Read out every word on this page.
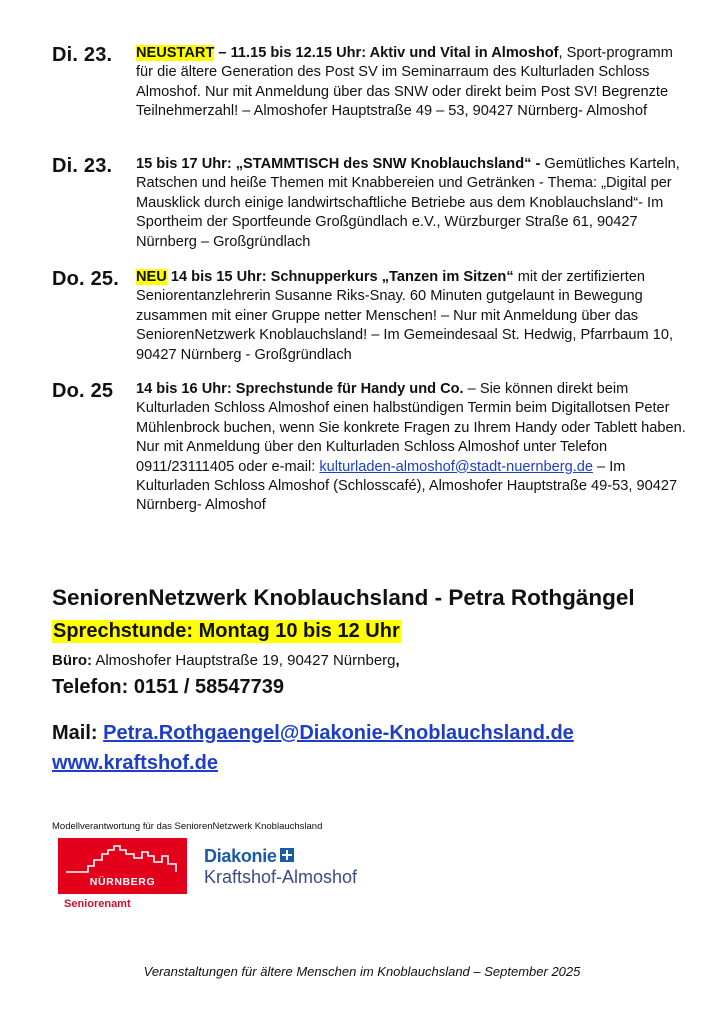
Di. 23. NEUSTART – 11.15 bis 12.15 Uhr: Aktiv und Vital in Almoshof, Sport-programm für die ältere Generation des Post SV im Seminarraum des Kulturladen Schloss Almoshof. Nur mit Anmeldung über das SNW oder direkt beim Post SV! Begrenzte Teilnehmerzahl! – Almoshofer Hauptstraße 49 – 53, 90427 Nürnberg- Almoshof
Di. 23. 15 bis 17 Uhr: „STAMMTISCH des SNW Knoblauchsland“ - Gemütliches Karteln, Ratschen und heiße Themen mit Knabbereien und Getränken - Thema: „Digital per Mausklick durch einige landwirtschaftliche Betriebe aus dem Knoblauchsland“- Im Sportheim der Sportfeunde Großgündlach e.V., Würzburger Straße 61, 90427 Nürnberg – Großgründlach
Do. 25. NEU 14 bis 15 Uhr: Schnupperkurs „Tanzen im Sitzen“ mit der zertifizierten Seniorentanzlehrerin Susanne Riks-Snay. 60 Minuten gutgelaunt in Bewegung zusammen mit einer Gruppe netter Menschen! – Nur mit Anmeldung über das SeniorenNetzwerk Knoblauchsland! – Im Gemeindesaal St. Hedwig, Pfarrbaum 10, 90427 Nürnberg - Großgründlach
Do. 25 14 bis 16 Uhr: Sprechstunde für Handy und Co. – Sie können direkt beim Kulturladen Schloss Almoshof einen halbstündigen Termin beim Digitallotsen Peter Mühlenbrock buchen, wenn Sie konkrete Fragen zu Ihrem Handy oder Tablett haben. Nur mit Anmeldung über den Kulturladen Schloss Almoshof unter Telefon 0911/23111405 oder e-mail: kulturladen-almoshof@stadt-nuernberg.de – Im Kulturladen Schloss Almoshof (Schlosscafé), Almoshofer Hauptstraße 49-53, 90427 Nürnberg- Almoshof
SeniorenNetzwerk Knoblauchsland - Petra Rothgängel
Sprechstunde: Montag 10 bis 12 Uhr
Büro: Almoshofer Hauptstraße 19, 90427 Nürnberg,
Telefon: 0151 / 58547739
Mail: Petra.Rothgaengel@Diakonie-Knoblauchsland.de
www.kraftshof.de
Modellverantwortung für das SeniorenNetzwerk Knoblauchsland
NÜRNBERG
Seniorenamt
Diakonie
Kraftshof-Almoshof
Veranstaltungen für ältere Menschen im Knoblauchsland – September 2025
